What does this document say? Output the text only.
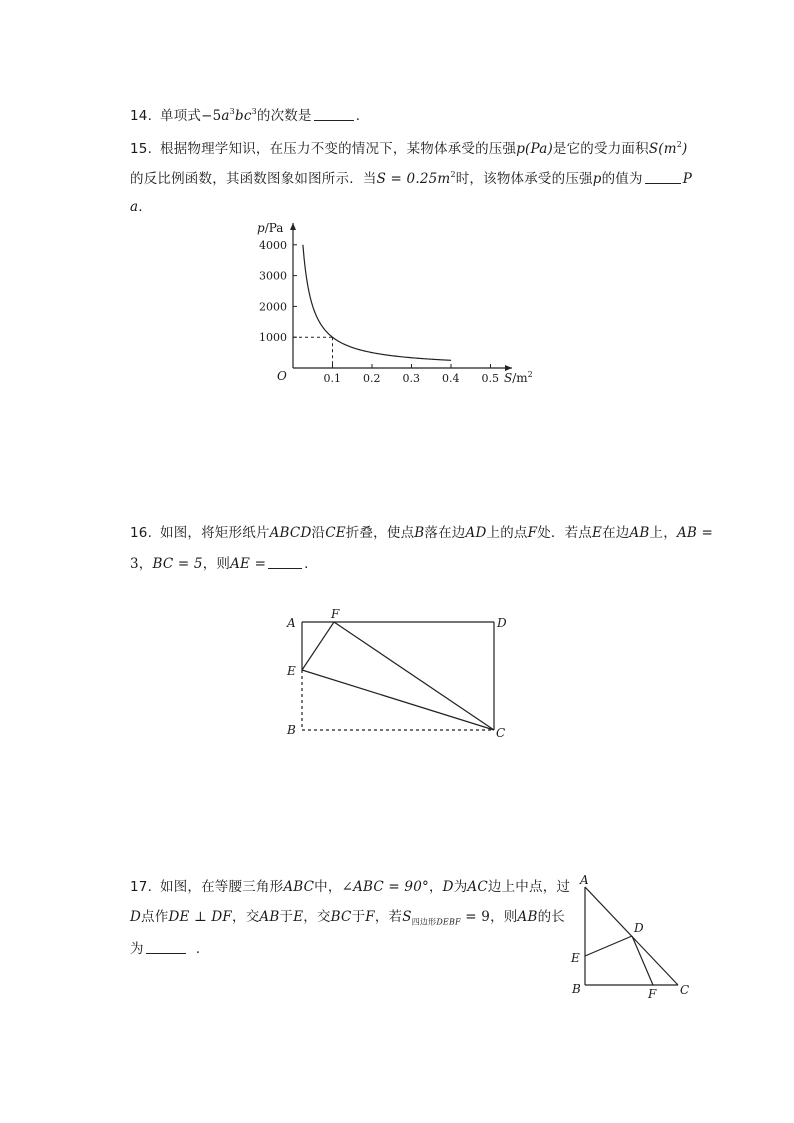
14. 单项式$-5a^3bc^3$的次数是	.
15. 根据物理学知识，在压力不变的情况下，某物体承受的压强p(Pa)是它的受力面积$S(m^2)$
的反比例函数，其函数图象如图所示．当$S = 0.25m^2$时，该物体承受的压强p的值为	P
a.
4000
3000
2000
1000
0.1 0.2 0.3 0.4 0.5
p/Pa
$S/m^2$
O
16. 如图，将矩形纸片ABCD沿CE折叠，使点B落在边AD上的点F处．若点E在边AB上，AB =
3，BC = 5，则AE =	.
A
F
D
E
B	C
17. 如图，在等腰三角形ABC中，∠ABC = 90°，D为AC边上中点，过
D点作DE ⊥ DF，交AB于E，交BC于F，若$S_{四边形DEBF} = 9$，则AB的长
为	.
A
D
E
B	F C
